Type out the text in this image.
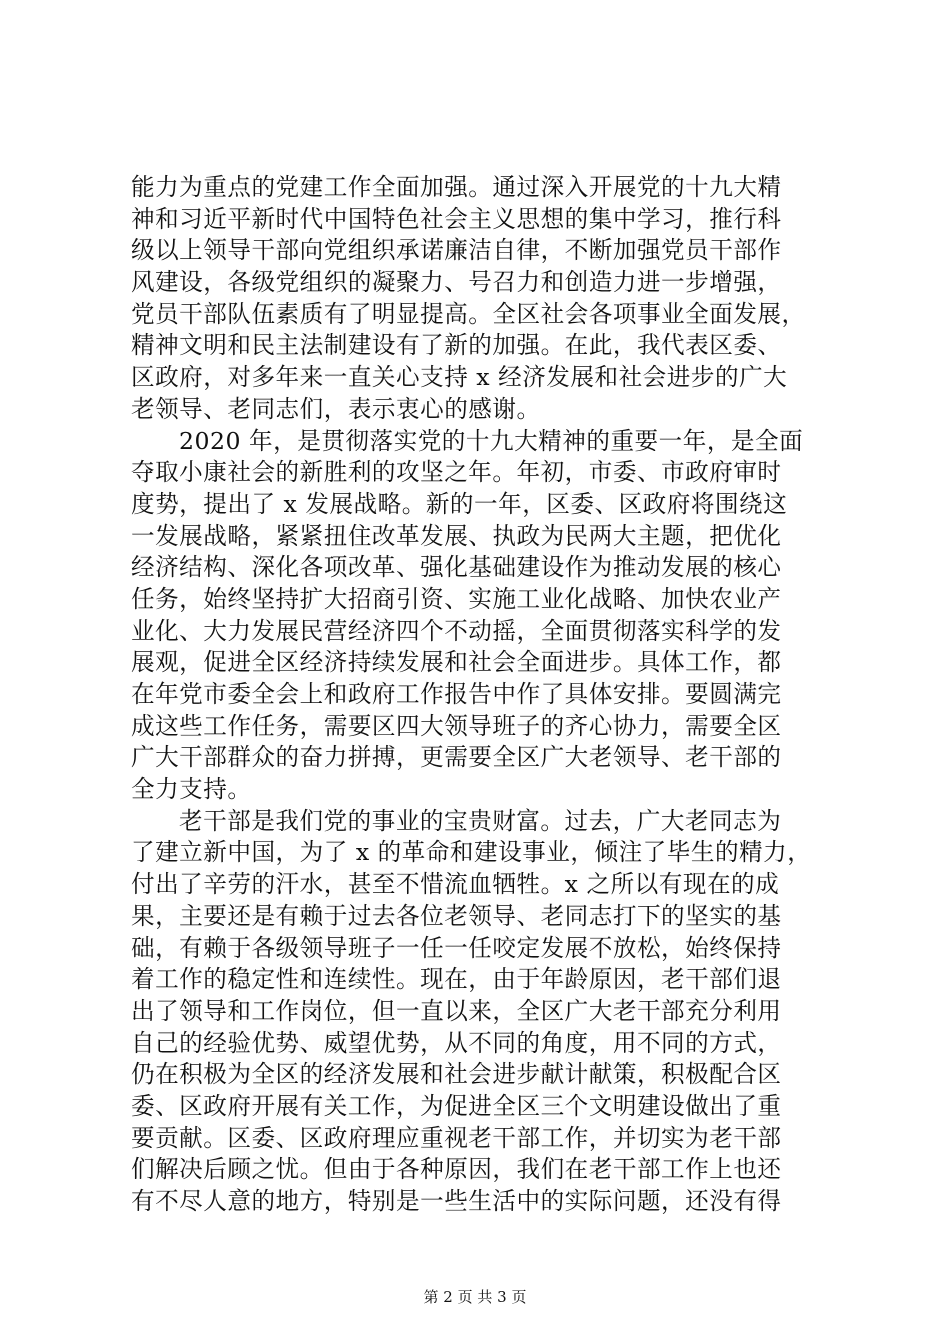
能力为重点的党建工作全面加强。通过深入开展党的十九大精
神和习近平新时代中国特色社会主义思想的集中学习，推行科
级以上领导干部向党组织承诺廉洁自律，不断加强党员干部作
风建设，各级党组织的凝聚力、号召力和创造力进一步增强，
党员干部队伍素质有了明显提高。全区社会各项事业全面发展，
精神文明和民主法制建设有了新的加强。在此，我代表区委、
区政府，对多年来一直关心支持 x 经济发展和社会进步的广大
老领导、老同志们，表示衷心的感谢。
2020 年，是贯彻落实党的十九大精神的重要一年，是全面
夺取小康社会的新胜利的攻坚之年。年初，市委、市政府审时
度势，提出了 x 发展战略。新的一年，区委、区政府将围绕这
一发展战略，紧紧扭住改革发展、执政为民两大主题，把优化
经济结构、深化各项改革、强化基础建设作为推动发展的核心
任务，始终坚持扩大招商引资、实施工业化战略、加快农业产
业化、大力发展民营经济四个不动摇，全面贯彻落实科学的发
展观，促进全区经济持续发展和社会全面进步。具体工作，都
在年党市委全会上和政府工作报告中作了具体安排。要圆满完
成这些工作任务，需要区四大领导班子的齐心协力，需要全区
广大干部群众的奋力拼搏，更需要全区广大老领导、老干部的
全力支持。
老干部是我们党的事业的宝贵财富。过去，广大老同志为
了建立新中国，为了 x 的革命和建设事业，倾注了毕生的精力，
付出了辛劳的汗水，甚至不惜流血牺牲。x 之所以有现在的成
果，主要还是有赖于过去各位老领导、老同志打下的坚实的基
础，有赖于各级领导班子一任一任咬定发展不放松，始终保持
着工作的稳定性和连续性。现在，由于年龄原因，老干部们退
出了领导和工作岗位，但一直以来，全区广大老干部充分利用
自己的经验优势、威望优势，从不同的角度，用不同的方式，
仍在积极为全区的经济发展和社会进步献计献策，积极配合区
委、区政府开展有关工作，为促进全区三个文明建设做出了重
要贡献。区委、区政府理应重视老干部工作，并切实为老干部
们解决后顾之忧。但由于各种原因，我们在老干部工作上也还
有不尽人意的地方，特别是一些生活中的实际问题，还没有得
第 2 页 共 3 页
